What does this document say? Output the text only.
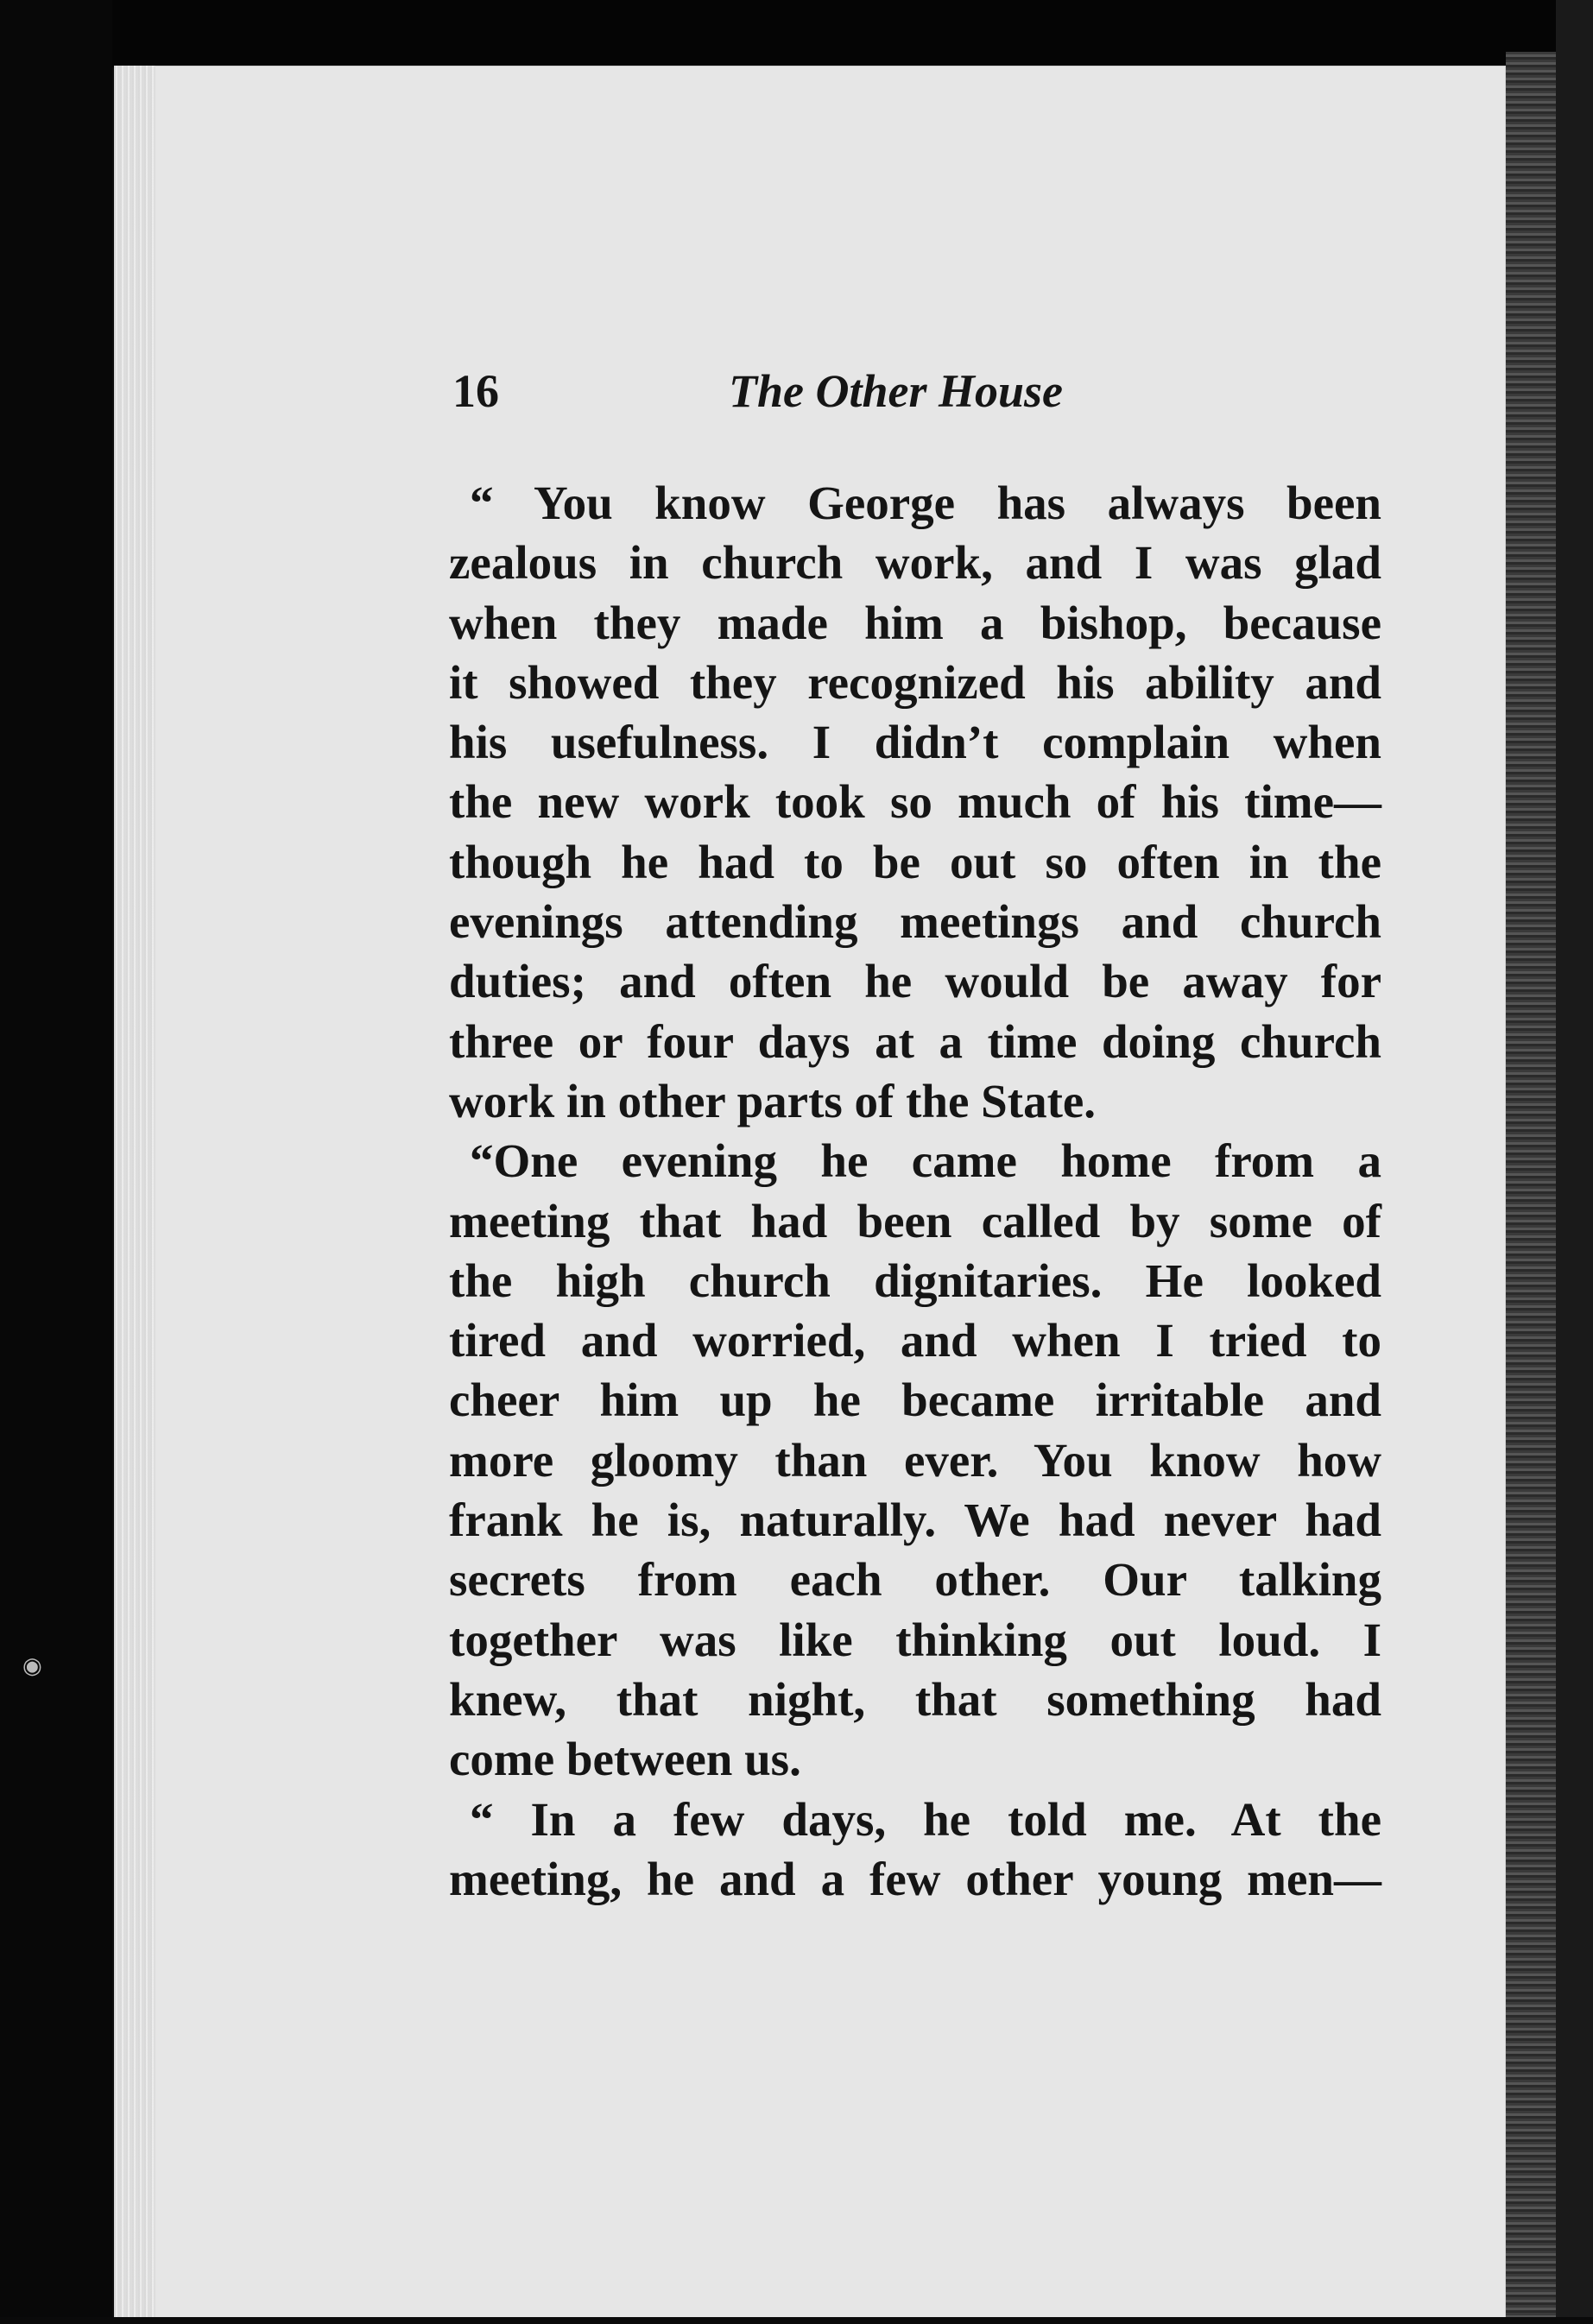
◉
16	The Other House
“ You know George has always been
zealous in church work, and I was glad
when they made him a bishop, because
it showed they recognized his ability and
his usefulness. I didn’t complain when
the new work took so much of his time—
though he had to be out so often in the
evenings attending meetings and church
duties; and often he would be away for
three or four days at a time doing church
work in other parts of the State.
“One evening he came home from a
meeting that had been called by some of
the high church dignitaries. He looked
tired and worried, and when I tried to
cheer him up he became irritable and
more gloomy than ever. You know how
frank he is, naturally. We had never had
secrets from each other. Our talking
together was like thinking out loud. I
knew, that night, that something had
come between us.
“ In a few days, he told me. At the
meeting, he and a few other young men—
